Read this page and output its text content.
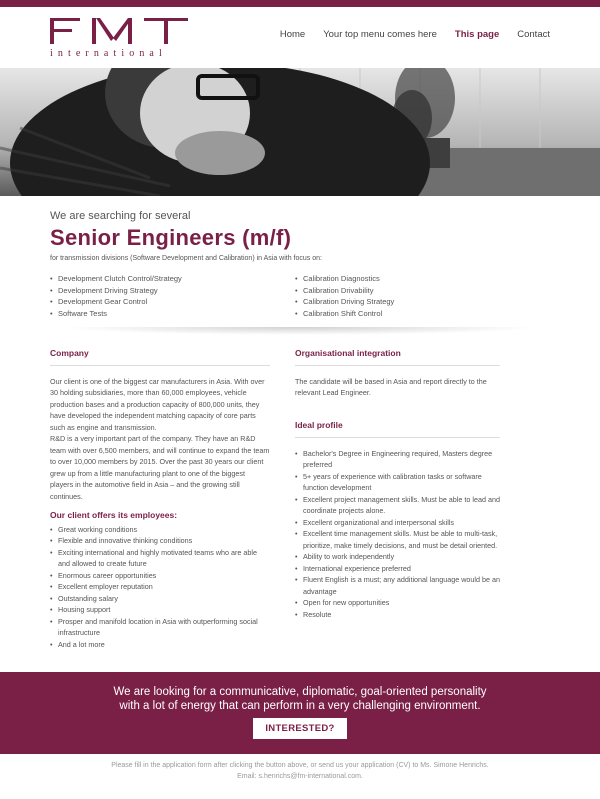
international
Home Your top menu comes here This page Contact
We are searching for several
Senior Engineers (m/f)
for transmission divisions (Software Development and Calibration) in Asia with focus on:
• Development Clutch Control/Strategy
• Development Driving Strategy
• Development Gear Control
• Software Tests
• Calibration Diagnostics
• Calibration Drivability
• Calibration Driving Strategy
• Calibration Shift Control
Company

Our client is one of the biggest car manufacturers in Asia. With over 30 holding subsidiaries, more than 60,000 employees, vehicle production bases and a production capacity of 800,000 units, they have developed the independent matching capacity of core parts such as engine and transmission.

R&D is a very important part of the company. They have an R&D team with over 6,500 members, and will continue to expand the team to over 10,000 members by 2015. Over the past 30 years our client grew up from a little manufacturing plant to one of the biggest players in the automotive field in Asia – and the growing still continues.

Our client offers its employees:
• Great working conditions
• Flexible and innovative thinking conditions
• Exciting international and highly motivated teams who are able and allowed to create future
• Enormous career opportunities
• Excellent employer reputation
• Outstanding salary
• Housing support
• Prosper and manifold location in Asia with outperforming social infrastructure
• And a lot more
Organisational integration

The candidate will be based in Asia and report directly to the relevant Lead Engineer.

Ideal profile
• Bachelor's Degree in Engineering required, Masters degree preferred
• 5+ years of experience with calibration tasks or software function development
• Excellent project management skills. Must be able to lead and coordinate projects alone.
• Excellent organizational and interpersonal skills
• Excellent time management skills. Must be able to multi-task, prioritize, make timely decisions, and must be detail oriented.
• Ability to work independently
• International experience preferred
• Fluent English is a must; any additional language would be an advantage
• Open for new opportunities
• Resolute
We are looking for a communicative, diplomatic, goal-oriented personality
with a lot of energy that can perform in a very challenging environment.
INTERESTED?
Please fill in the application form after clicking the button above, or send us your application (CV) to Ms. Simone Henrichs.
Email: s.henrichs@fm-international.com.
